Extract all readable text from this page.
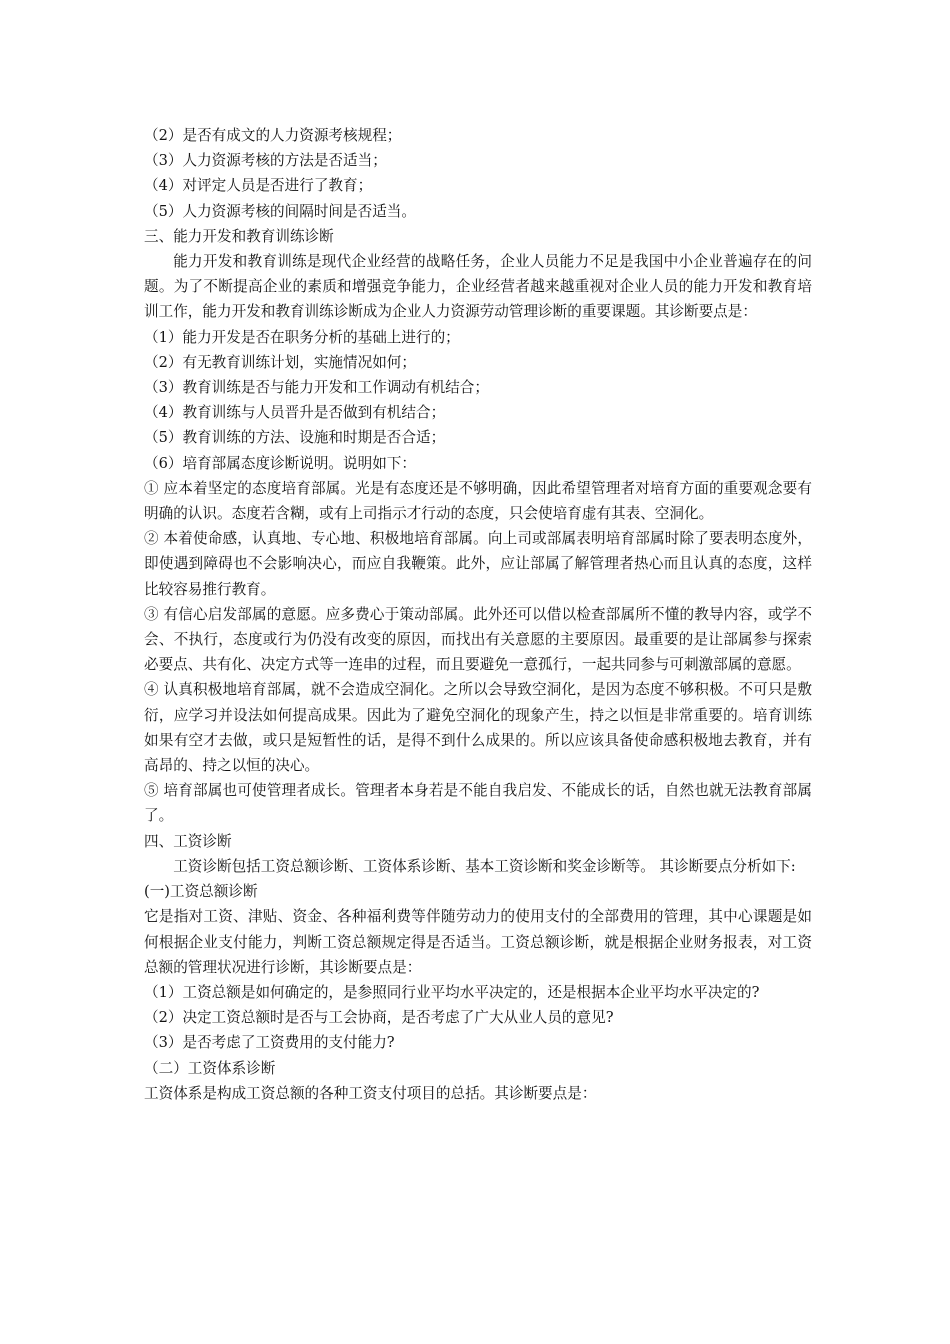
（2）是否有成文的人力资源考核规程；

（3）人力资源考核的方法是否适当；

（4）对评定人员是否进行了教育；

（5）人力资源考核的间隔时间是否适当。

三、能力开发和教育训练诊断

能力开发和教育训练是现代企业经营的战略任务，企业人员能力不足是我国中小企业普遍存在的问题。为了不断提高企业的素质和增强竞争能力，企业经营者越来越重视对企业人员的能力开发和教育培训工作，能力开发和教育训练诊断成为企业人力资源劳动管理诊断的重要课题。其诊断要点是：

（1）能力开发是否在职务分析的基础上进行的；

（2）有无教育训练计划，实施情况如何；

（3）教育训练是否与能力开发和工作调动有机结合；

（4）教育训练与人员晋升是否做到有机结合；

（5）教育训练的方法、设施和时期是否合适；

（6）培育部属态度诊断说明。说明如下：

① 应本着坚定的态度培育部属。光是有态度还是不够明确，因此希望管理者对培育方面的重要观念要有明确的认识。态度若含糊，或有上司指示才行动的态度，只会使培育虚有其表、空洞化。

② 本着使命感，认真地、专心地、积极地培育部属。向上司或部属表明培育部属时除了要表明态度外，即使遇到障碍也不会影响决心，而应自我鞭策。此外，应让部属了解管理者热心而且认真的态度，这样比较容易推行教育。

③ 有信心启发部属的意愿。应多费心于策动部属。此外还可以借以检查部属所不懂的教导内容，或学不会、不执行，态度或行为仍没有改变的原因，而找出有关意愿的主要原因。最重要的是让部属参与探索必要点、共有化、决定方式等一连串的过程，而且要避免一意孤行，一起共同参与可刺激部属的意愿。

④ 认真积极地培育部属，就不会造成空洞化。之所以会导致空洞化，是因为态度不够积极。不可只是敷衍，应学习并设法如何提高成果。因此为了避免空洞化的现象产生，持之以恒是非常重要的。培育训练如果有空才去做，或只是短暂性的话，是得不到什么成果的。所以应该具备使命感积极地去教育，并有高昂的、持之以恒的决心。

⑤ 培育部属也可使管理者成长。管理者本身若是不能自我启发、不能成长的话，自然也就无法教育部属了。

四、工资诊断

工资诊断包括工资总额诊断、工资体系诊断、基本工资诊断和奖金诊断等。 其诊断要点分析如下:

(一)工资总额诊断

它是指对工资、津贴、资金、各种福利费等伴随劳动力的使用支付的全部费用的管理，其中心课题是如何根据企业支付能力，判断工资总额规定得是否适当。工资总额诊断，就是根据企业财务报表，对工资总额的管理状况进行诊断，其诊断要点是：

（1）工资总额是如何确定的，是参照同行业平均水平决定的，还是根据本企业平均水平决定的?

（2）决定工资总额时是否与工会协商，是否考虑了广大从业人员的意见?

（3）是否考虑了工资费用的支付能力?

（二）工资体系诊断

工资体系是构成工资总额的各种工资支付项目的总括。其诊断要点是：
